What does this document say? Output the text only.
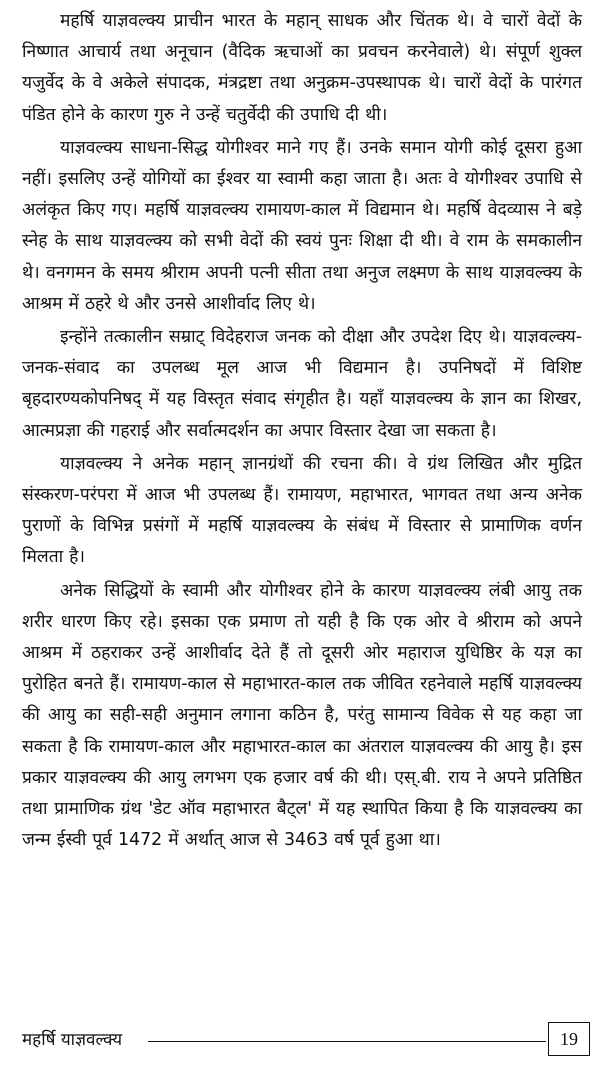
महर्षि याज्ञवल्क्य प्राचीन भारत के महान् साधक और चिंतक थे। वे चारों वेदों के निष्णात आचार्य तथा अनूचान (वैदिक ऋचाओं का प्रवचन करनेवाले) थे। संपूर्ण शुक्ल यजुर्वेद के वे अकेले संपादक, मंत्रद्रष्टा तथा अनुक्रम-उपस्थापक थे। चारों वेदों के पारंगत पंडित होने के कारण गुरु ने उन्हें चतुर्वेदी की उपाधि दी थी।

याज्ञवल्क्य साधना-सिद्ध योगीश्वर माने गए हैं। उनके समान योगी कोई दूसरा हुआ नहीं। इसलिए उन्हें योगियों का ईश्वर या स्वामी कहा जाता है। अतः वे योगीश्वर उपाधि से अलंकृत किए गए। महर्षि याज्ञवल्क्य रामायण-काल में विद्यमान थे। महर्षि वेदव्यास ने बड़े स्नेह के साथ याज्ञवल्क्य को सभी वेदों की स्वयं पुनः शिक्षा दी थी। वे राम के समकालीन थे। वनगमन के समय श्रीराम अपनी पत्नी सीता तथा अनुज लक्ष्मण के साथ याज्ञवल्क्य के आश्रम में ठहरे थे और उनसे आशीर्वाद लिए थे।

इन्होंने तत्कालीन सम्राट् विदेहराज जनक को दीक्षा और उपदेश दिए थे। याज्ञवल्क्य-जनक-संवाद का उपलब्ध मूल आज भी विद्यमान है। उपनिषदों में विशिष्ट बृहदारण्यकोपनिषद् में यह विस्तृत संवाद संगृहीत है। यहाँ याज्ञवल्क्य के ज्ञान का शिखर, आत्मप्रज्ञा की गहराई और सर्वात्मदर्शन का अपार विस्तार देखा जा सकता है।

याज्ञवल्क्य ने अनेक महान् ज्ञानग्रंथों की रचना की। वे ग्रंथ लिखित और मुद्रित संस्करण-परंपरा में आज भी उपलब्ध हैं। रामायण, महाभारत, भागवत तथा अन्य अनेक पुराणों के विभिन्न प्रसंगों में महर्षि याज्ञवल्क्य के संबंध में विस्तार से प्रामाणिक वर्णन मिलता है।

अनेक सिद्धियों के स्वामी और योगीश्वर होने के कारण याज्ञवल्क्य लंबी आयु तक शरीर धारण किए रहे। इसका एक प्रमाण तो यही है कि एक ओर वे श्रीराम को अपने आश्रम में ठहराकर उन्हें आशीर्वाद देते हैं तो दूसरी ओर महाराज युधिष्ठिर के यज्ञ का पुरोहित बनते हैं। रामायण-काल से महाभारत-काल तक जीवित रहनेवाले महर्षि याज्ञवल्क्य की आयु का सही-सही अनुमान लगाना कठिन है, परंतु सामान्य विवेक से यह कहा जा सकता है कि रामायण-काल और महाभारत-काल का अंतराल याज्ञवल्क्य की आयु है। इस प्रकार याज्ञवल्क्य की आयु लगभग एक हजार वर्ष की थी। एस्.बी. राय ने अपने प्रतिष्ठित तथा प्रामाणिक ग्रंथ 'डेट ऑव महाभारत बैट्ल' में यह स्थापित किया है कि याज्ञवल्क्य का जन्म ईस्वी पूर्व 1472 में अर्थात् आज से 3463 वर्ष पूर्व हुआ था।

महर्षि याज्ञवल्क्य	19
